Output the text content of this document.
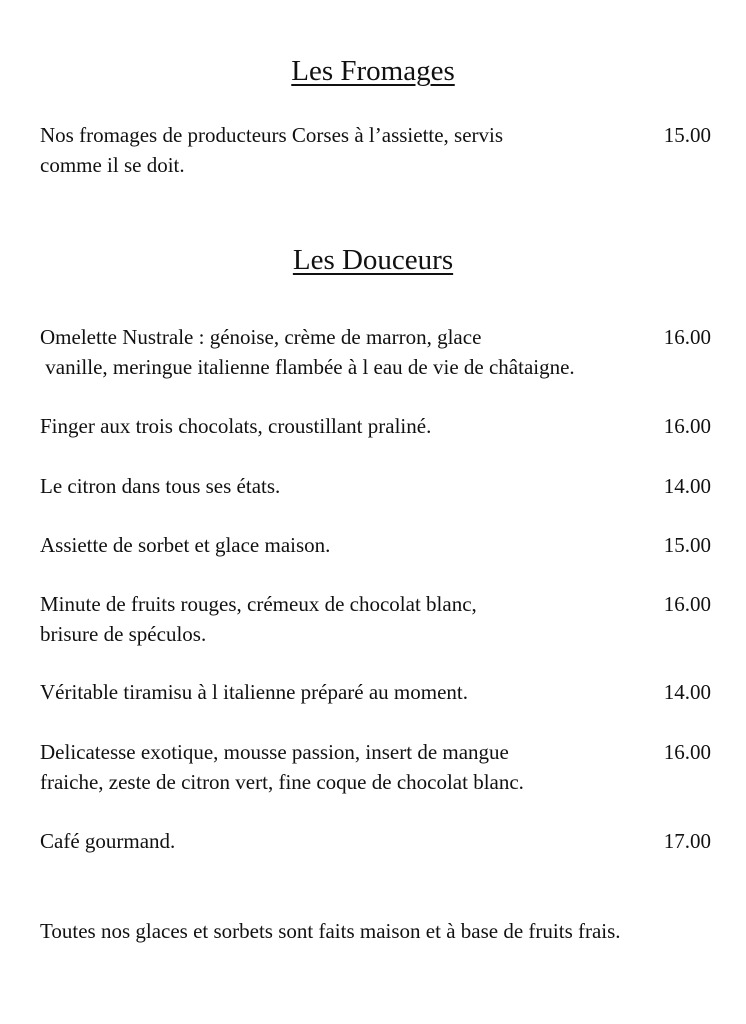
Les Fromages
Nos fromages de producteurs Corses à l’assiette, servis
comme il se doit.
15.00
Les Douceurs
Omelette Nustrale : génoise, crème de marron, glace
vanille, meringue italienne flambée à l eau de vie de châtaigne.
16.00
Finger aux trois chocolats, croustillant praliné.	16.00
Le citron dans tous ses états.	14.00
Assiette de sorbet et glace maison.	15.00
Minute de fruits rouges, crémeux de chocolat blanc,
brisure de spéculos.
16.00
Véritable tiramisu à l italienne préparé au moment.	14.00
Delicatesse exotique, mousse passion, insert de mangue
fraiche, zeste de citron vert, fine coque de chocolat blanc.
16.00
Café gourmand.	17.00
Toutes nos glaces et sorbets sont faits maison et à base de fruits frais.
